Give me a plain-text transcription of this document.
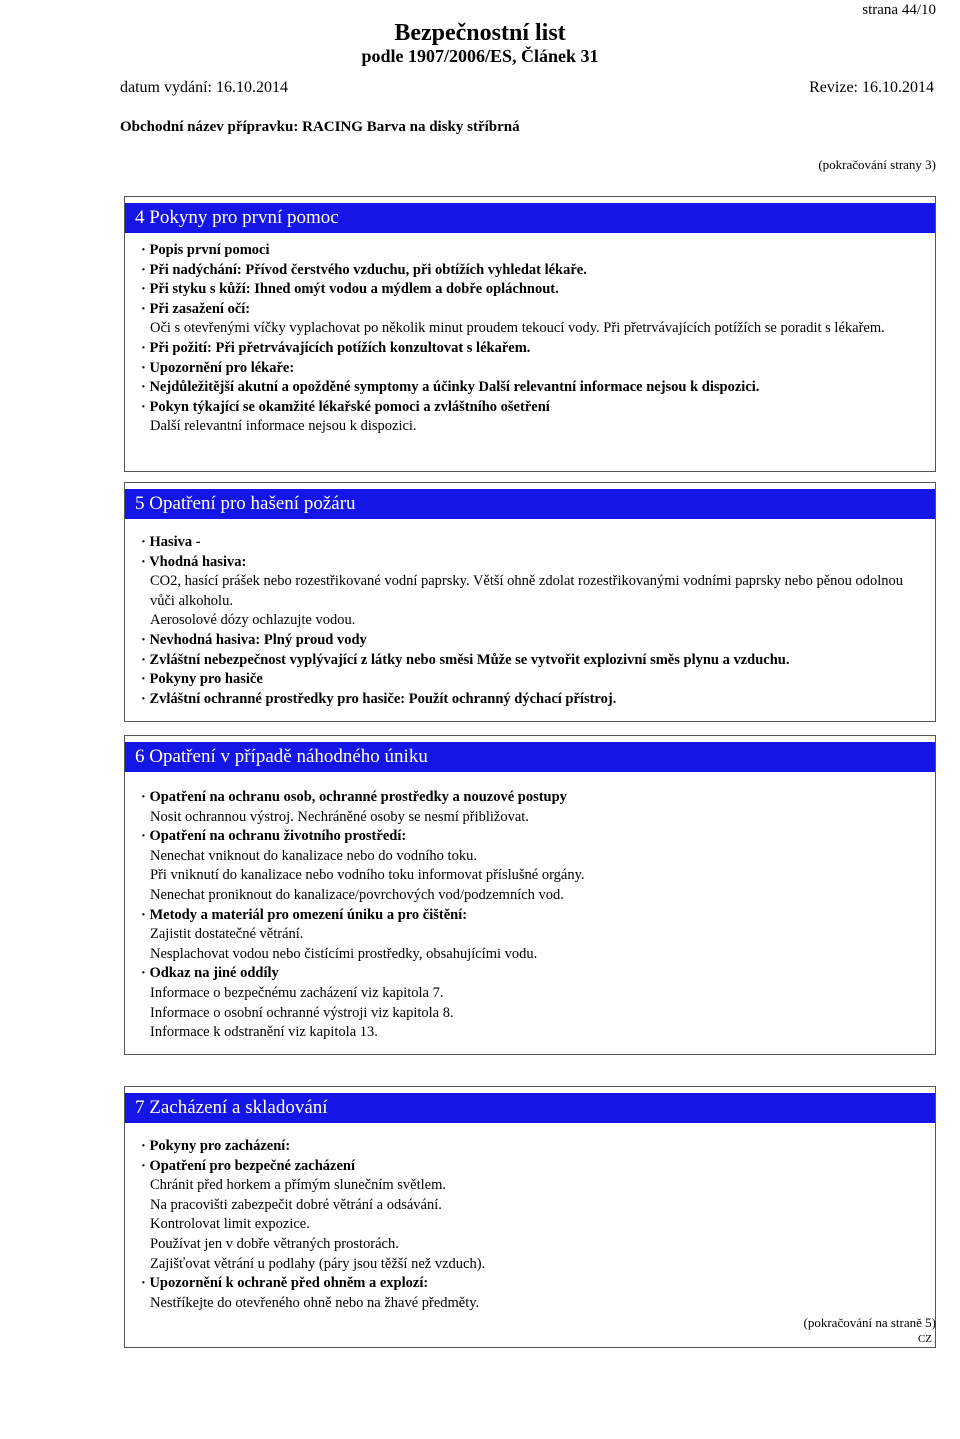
strana 44/10
Bezpečnostní list
podle 1907/2006/ES, Článek 31
datum vydání: 16.10.2014	Revize: 16.10.2014
Obchodní název přípravku: RACING Barva na disky stříbrná
(pokračování strany 3)
4 Pokyny pro první pomoc
· Popis první pomoci
· Při nadýchání: Přívod čerstvého vzduchu, při obtížích vyhledat lékaře.
· Při styku s kůží: Ihned omýt vodou a mýdlem a dobře opláchnout.
· Při zasažení očí:
Oči s otevřenými víčky vyplachovat po několik minut proudem tekoucí vody. Při přetrvávajících potížích se poradit s lékařem.
· Při požití: Při přetrvávajících potížích konzultovat s lékařem.
· Upozornění pro lékaře:
· Nejdůležitější akutní a opožděné symptomy a účinky Další relevantní informace nejsou k dispozici.
· Pokyn týkající se okamžité lékařské pomoci a zvláštního ošetření
Další relevantní informace nejsou k dispozici.
5 Opatření pro hašení požáru
· Hasiva -
· Vhodná hasiva:
CO2, hasící prášek nebo rozestřikované vodní paprsky. Větší ohně zdolat rozestřikovanými vodními paprsky nebo pěnou odolnou vůči alkoholu.
Aerosolové dózy ochlazujte vodou.
· Nevhodná hasiva: Plný proud vody
· Zvláštní nebezpečnost vyplývající z látky nebo směsi Může se vytvořit explozivní směs plynu a vzduchu.
· Pokyny pro hasiče
· Zvláštní ochranné prostředky pro hasiče: Použít ochranný dýchací přístroj.
6 Opatření v případě náhodného úniku
· Opatření na ochranu osob, ochranné prostředky a nouzové postupy
Nosit ochrannou výstroj. Nechráněné osoby se nesmí přibližovat.
· Opatření na ochranu životního prostředí:
Nenechat vniknout do kanalizace nebo do vodního toku.
Při vniknutí do kanalizace nebo vodního toku informovat příslušné orgány.
Nenechat proniknout do kanalizace/povrchových vod/podzemních vod.
· Metody a materiál pro omezení úniku a pro čištění:
Zajistit dostatečné větrání.
Nesplachovat vodou nebo čistícími prostředky, obsahujícími vodu.
· Odkaz na jiné oddíly
Informace o bezpečnému zacházení viz kapitola 7.
Informace o osobní ochranné výstroji viz kapitola 8.
Informace k odstranění viz kapitola 13.
7 Zacházení a skladování
· Pokyny pro zacházení:
· Opatření pro bezpečné zacházení
Chránit před horkem a přímým slunečním světlem.
Na pracovišti zabezpečit dobré větrání a odsávání.
Kontrolovat limit expozice.
Používat jen v dobře větraných prostorách.
Zajišťovat větrání u podlahy (páry jsou těžší než vzduch).
· Upozornění k ochraně před ohněm a explozí:
Nestříkejte do otevřeného ohně nebo na žhavé předměty.
(pokračování na straně 5)
CZ
